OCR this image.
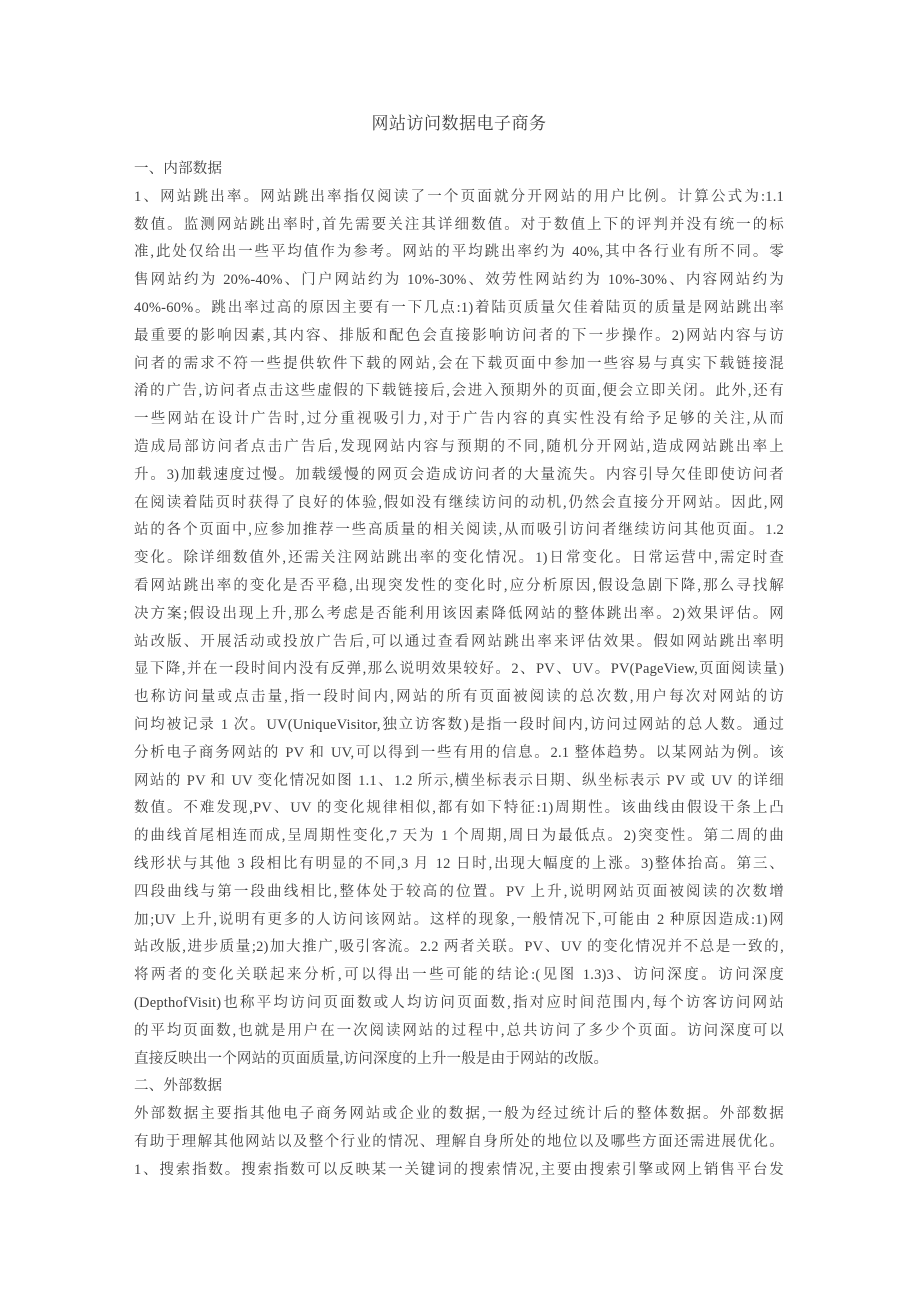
网站访问数据电子商务
一、内部数据
1、网站跳出率。网站跳出率指仅阅读了一个页面就分开网站的用户比例。计算公式为:1.1
数值。监测网站跳出率时,首先需要关注其详细数值。对于数值上下的评判并没有统一的标
准,此处仅给出一些平均值作为参考。网站的平均跳出率约为 40%,其中各行业有所不同。零
售网站约为 20%-40%、门户网站约为 10%-30%、效劳性网站约为 10%-30%、内容网站约为
40%-60%。跳出率过高的原因主要有一下几点:1)着陆页质量欠佳着陆页的质量是网站跳出率
最重要的影响因素,其内容、排版和配色会直接影响访问者的下一步操作。2)网站内容与访
问者的需求不符一些提供软件下载的网站,会在下载页面中参加一些容易与真实下载链接混
淆的广告,访问者点击这些虚假的下载链接后,会进入预期外的页面,便会立即关闭。此外,还有
一些网站在设计广告时,过分重视吸引力,对于广告内容的真实性没有给予足够的关注,从而
造成局部访问者点击广告后,发现网站内容与预期的不同,随机分开网站,造成网站跳出率上
升。3)加载速度过慢。加载缓慢的网页会造成访问者的大量流失。内容引导欠佳即使访问者
在阅读着陆页时获得了良好的体验,假如没有继续访问的动机,仍然会直接分开网站。因此,网
站的各个页面中,应参加推荐一些高质量的相关阅读,从而吸引访问者继续访问其他页面。1.2
变化。除详细数值外,还需关注网站跳出率的变化情况。1)日常变化。日常运营中,需定时查
看网站跳出率的变化是否平稳,出现突发性的变化时,应分析原因,假设急剧下降,那么寻找解
决方案;假设出现上升,那么考虑是否能利用该因素降低网站的整体跳出率。2)效果评估。网
站改版、开展活动或投放广告后,可以通过查看网站跳出率来评估效果。假如网站跳出率明
显下降,并在一段时间内没有反弹,那么说明效果较好。2、PV、UV。PV(PageView,页面阅读量)
也称访问量或点击量,指一段时间内,网站的所有页面被阅读的总次数,用户每次对网站的访
问均被记录 1 次。UV(UniqueVisitor,独立访客数)是指一段时间内,访问过网站的总人数。通过
分析电子商务网站的 PV 和 UV,可以得到一些有用的信息。2.1 整体趋势。以某网站为例。该
网站的 PV 和 UV 变化情况如图 1.1、1.2 所示,横坐标表示日期、纵坐标表示 PV 或 UV 的详细
数值。不难发现,PV、UV 的变化规律相似,都有如下特征:1)周期性。该曲线由假设干条上凸
的曲线首尾相连而成,呈周期性变化,7 天为 1 个周期,周日为最低点。2)突变性。第二周的曲
线形状与其他 3 段相比有明显的不同,3 月 12 日时,出现大幅度的上涨。3)整体抬高。第三、
四段曲线与第一段曲线相比,整体处于较高的位置。PV 上升,说明网站页面被阅读的次数增
加;UV 上升,说明有更多的人访问该网站。这样的现象,一般情况下,可能由 2 种原因造成:1)网
站改版,进步质量;2)加大推广,吸引客流。2.2 两者关联。PV、UV 的变化情况并不总是一致的,
将两者的变化关联起来分析,可以得出一些可能的结论:(见图 1.3)3、访问深度。访问深度
(DepthofVisit)也称平均访问页面数或人均访问页面数,指对应时间范围内,每个访客访问网站
的平均页面数,也就是用户在一次阅读网站的过程中,总共访问了多少个页面。访问深度可以
直接反映出一个网站的页面质量,访问深度的上升一般是由于网站的改版。
二、外部数据
外部数据主要指其他电子商务网站或企业的数据,一般为经过统计后的整体数据。外部数据
有助于理解其他网站以及整个行业的情况、理解自身所处的地位以及哪些方面还需进展优化。
1、搜索指数。搜索指数可以反映某一关键词的搜索情况,主要由搜索引擎或网上销售平台发
